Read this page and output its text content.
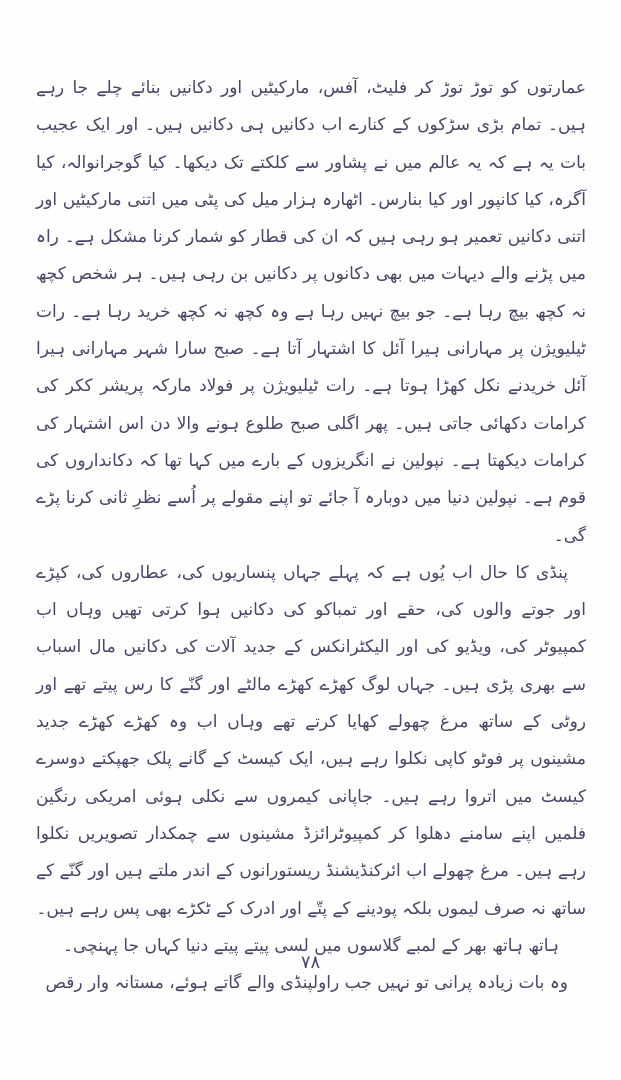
عمارتوں کو توڑ توڑ کر فلیٹ، آفس، مارکیٹیں اور دکانیں بنائے چلے جا رہے ہیں۔ تمام بڑی سڑکوں کے کنارے اب دکانیں ہی دکانیں ہیں۔ اور ایک عجیب بات یہ ہے کہ یہ عالم میں نے پشاور سے کلکتے تک دیکھا۔ کیا گوجرانوالہ، کیا آگرہ، کیا کانپور اور کیا بنارس۔ اٹھارہ ہزار میل کی پٹی میں اتنی مارکیٹیں اور اتنی دکانیں تعمیر ہو رہی ہیں کہ ان کی قطار کو شمار کرنا مشکل ہے۔ راہ میں پڑنے والے دیہات میں بھی دکانوں پر دکانیں بن رہی ہیں۔ ہر شخص کچھ نہ کچھ بیچ رہا ہے۔ جو بیچ نہیں رہا ہے وہ کچھ نہ کچھ خرید رہا ہے۔ رات ٹیلیویژن پر مہارانی ہیرا آئل کا اشتہار آتا ہے۔ صبح سارا شہر مہارانی ہیرا آئل خریدنے نکل کھڑا ہوتا ہے۔ رات ٹیلیویژن پر فولاد مارکہ پریشر ککر کی کرامات دکھائی جاتی ہیں۔ پھر اگلی صبح طلوع ہونے والا دن اس اشتہار کی کرامات دیکھتا ہے۔ نپولین نے انگریزوں کے بارے میں کہا تھا کہ دکانداروں کی قوم ہے۔ نپولین دنیا میں دوبارہ آ جائے تو اپنے مقولے پر اُسے نظرِ ثانی کرنا پڑے گی۔

پنڈی کا حال اب یُوں ہے کہ پہلے جہاں پنساریوں کی، عطاروں کی، کپڑے اور جوتے والوں کی، حقے اور تمباکو کی دکانیں ہوا کرتی تھیں وہاں اب کمپیوٹر کی، ویڈیو کی اور الیکٹرانکس کے جدید آلات کی دکانیں مال اسباب سے بھری پڑی ہیں۔ جہاں لوگ کھڑے کھڑے مالٹے اور گنّے کا رس پیتے تھے اور روٹی کے ساتھ مرغ چھولے کھایا کرتے تھے وہاں اب وہ کھڑے کھڑے جدید مشینوں پر فوٹو کاپی نکلوا رہے ہیں، ایک کیسٹ کے گانے پلک جھپکتے دوسرے کیسٹ میں اتروا رہے ہیں۔ جاپانی کیمروں سے نکلی ہوئی امریکی رنگین فلمیں اپنے سامنے دھلوا کر کمپیوٹرائزڈ مشینوں سے چمکدار تصویریں نکلوا رہے ہیں۔ مرغ چھولے اب ائرکنڈیشنڈ ریستورانوں کے اندر ملتے ہیں اور گنّے کے ساتھ نہ صرف لیموں بلکہ پودینے کے پتّے اور ادرک کے ٹکڑے بھی پس رہے ہیں۔

ہاتھ ہاتھ بھر کے لمبے گلاسوں میں لسی پیتے پیتے دنیا کہاں جا پہنچی۔

وہ بات زیادہ پرانی تو نہیں جب راولپنڈی والے گاتے ہوئے، مستانہ وار رقص

۷۸
